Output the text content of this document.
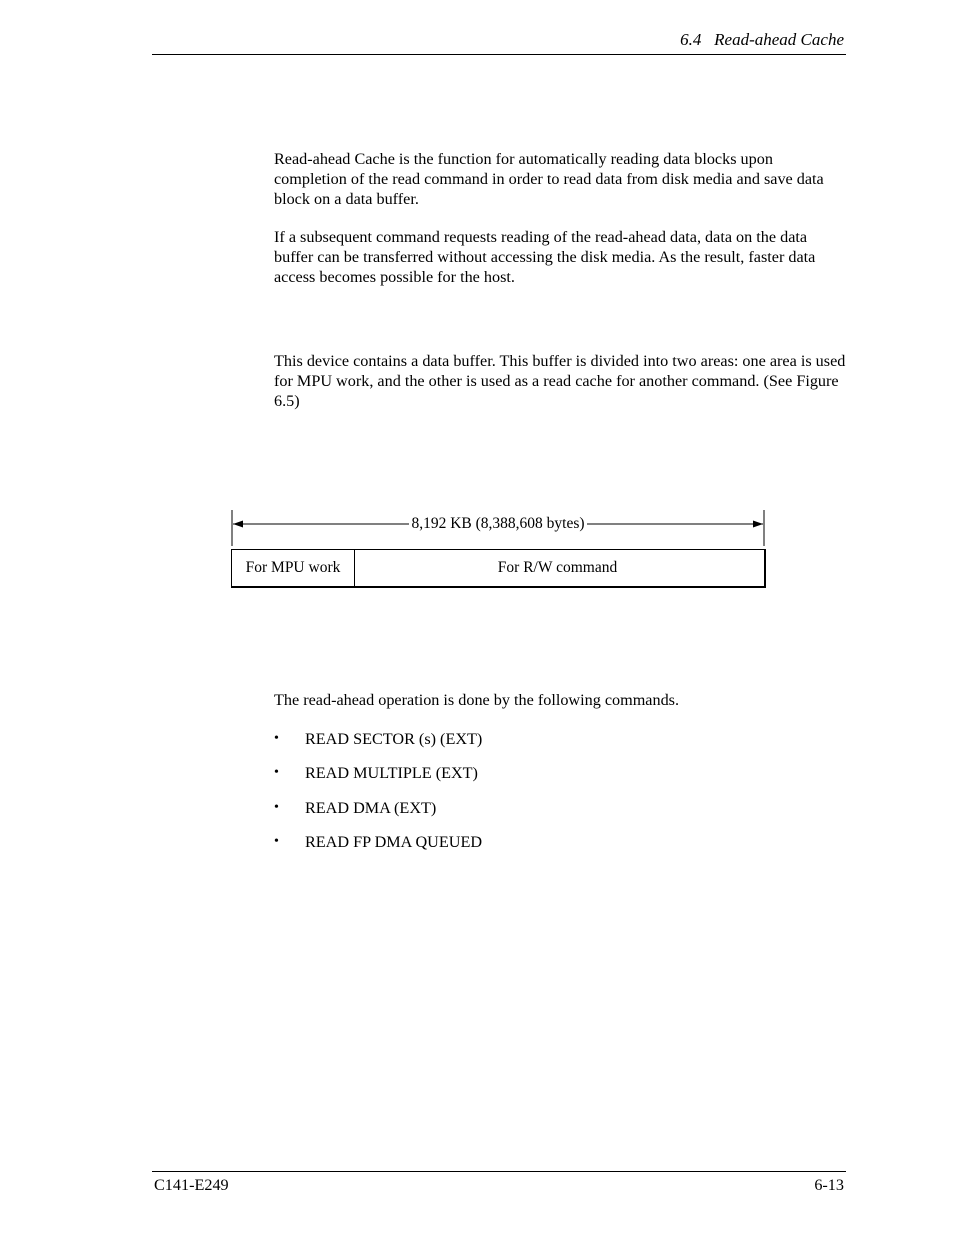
6.4 Read-ahead Cache

Read-ahead Cache is the function for automatically reading data blocks upon completion of the read command in order to read data from disk media and save data block on a data buffer.

If a subsequent command requests reading of the read-ahead data, data on the data buffer can be transferred without accessing the disk media. As the result, faster data access becomes possible for the host.

This device contains a data buffer. This buffer is divided into two areas: one area is used for MPU work, and the other is used as a read cache for another command. (See Figure 6.5)

8,192 KB (8,388,608 bytes)
For MPU work	For R/W command

The read-ahead operation is done by the following commands.

• READ SECTOR (s) (EXT)
• READ MULTIPLE (EXT)
• READ DMA (EXT)
• READ FP DMA QUEUED
C141-E249	6-13
